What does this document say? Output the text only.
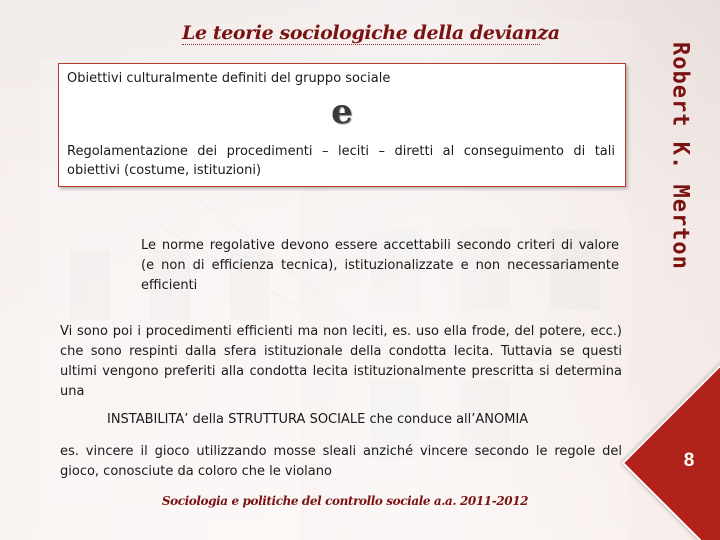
Le teorie sociologiche della devianza
Robert K. Merton
Obiettivi culturalmente definiti del gruppo sociale
e
Regolamentazione dei procedimenti – leciti – diretti al conseguimento di tali obiettivi (costume, istituzioni)
Le norme regolative devono essere accettabili secondo criteri di valore (e non di efficienza tecnica), istituzionalizzate e non necessariamente efficienti
Vi sono poi i procedimenti efficienti ma non leciti, es. uso ella frode, del potere, ecc.) che sono respinti dalla sfera istituzionale della condotta lecita. Tuttavia se questi ultimi vengono preferiti alla condotta lecita istituzionalmente prescritta si determina una
INSTABILITA’ della STRUTTURA SOCIALE che conduce all’ANOMIA
es. vincere il gioco utilizzando mosse sleali anziché vincere secondo le regole del gioco, conosciute da coloro che le violano
Sociologia e politiche del controllo sociale a.a. 2011-2012
8
